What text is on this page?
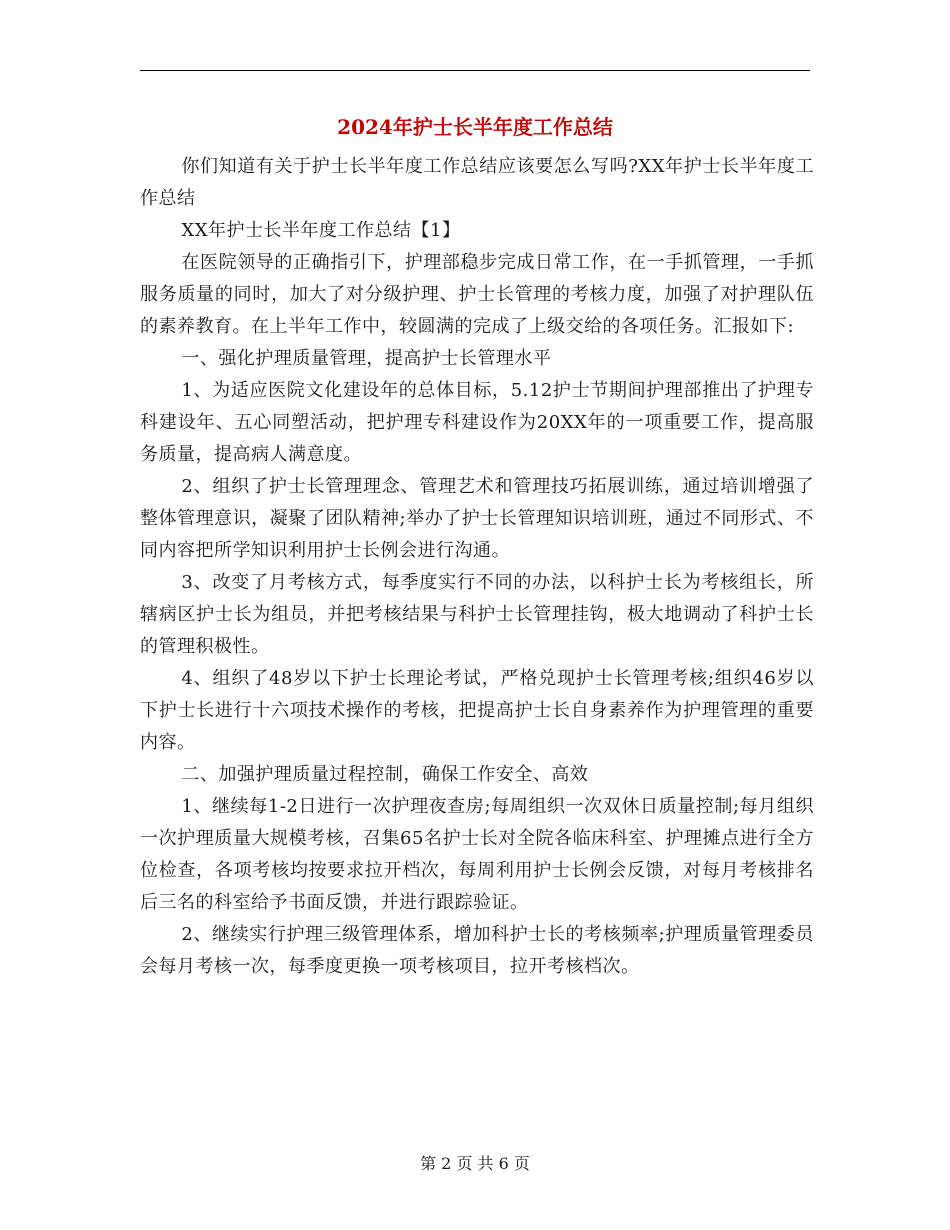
2024年护士长半年度工作总结

你们知道有关于护士长半年度工作总结应该要怎么写吗?XX年护士长半年度工作总结

XX年护士长半年度工作总结【1】

在医院领导的正确指引下，护理部稳步完成日常工作，在一手抓管理，一手抓服务质量的同时，加大了对分级护理、护士长管理的考核力度，加强了对护理队伍的素养教育。在上半年工作中，较圆满的完成了上级交给的各项任务。汇报如下:

一、强化护理质量管理，提高护士长管理水平

1、为适应医院文化建设年的总体目标，5.12护士节期间护理部推出了护理专科建设年、五心同塑活动，把护理专科建设作为20XX年的一项重要工作，提高服务质量，提高病人满意度。

2、组织了护士长管理理念、管理艺术和管理技巧拓展训练，通过培训增强了整体管理意识，凝聚了团队精神;举办了护士长管理知识培训班，通过不同形式、不同内容把所学知识利用护士长例会进行沟通。

3、改变了月考核方式，每季度实行不同的办法，以科护士长为考核组长，所辖病区护士长为组员，并把考核结果与科护士长管理挂钩，极大地调动了科护士长的管理积极性。

4、组织了48岁以下护士长理论考试，严格兑现护士长管理考核;组织46岁以下护士长进行十六项技术操作的考核，把提高护士长自身素养作为护理管理的重要内容。

二、加强护理质量过程控制，确保工作安全、高效

1、继续每1-2日进行一次护理夜查房;每周组织一次双休日质量控制;每月组织一次护理质量大规模考核，召集65名护士长对全院各临床科室、护理摊点进行全方位检查，各项考核均按要求拉开档次，每周利用护士长例会反馈，对每月考核排名后三名的科室给予书面反馈，并进行跟踪验证。

2、继续实行护理三级管理体系，增加科护士长的考核频率;护理质量管理委员会每月考核一次，每季度更换一项考核项目，拉开考核档次。

第 2 页 共 6 页
